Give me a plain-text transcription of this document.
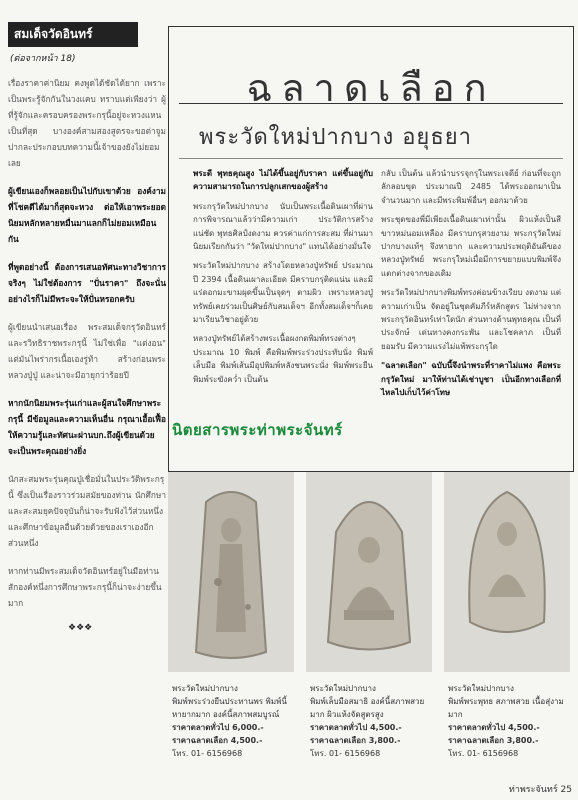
สมเด็จวัดอินทร์
(ต่อจากหน้า 18)

เรื่องราคาค่านิยม คงพูดได้ชัดได้ยาก เพราะเป็นพระรู้จักกันในวงแคบ ทราบแต่เพียงว่า ผู้ที่รู้จักและครอบครองพระกรุนี้อยู่จะหวงแหนเป็นที่สุด บางองค์สามสองสูตรจะขอต่าจูมปากละประกอบบทความนี้เจ้าของยังไม่ยอมเลย

ผู้เขียนเองก็พลอยเป็นไปกับเขาด้วย องค์งามที่โชคดีได้มาก็สุดจะหวง ต่อให้เอาพระยอดนิยมหลักหลายหมื่นมาแลกก็ไม่ยอมเหมือนกัน

ที่พูดอย่างนี้ ต้องการเสนอทัศนะทางวิชาการจริงๆ ไม่ใช่ต้องการ "ปั่นราคา" ถึงจะนั่นอย่างไรก็ไม่มีพระจะให้ปั่นหรอกครับ

ผู้เขียนนำเสนอเรื่อง พระสมเด็จกรุวัดอินทร์ และรวิทธิราชพระกรุนี้ ไม่ใช่เพื่อ "แต่งอน" แต่มันไพร่ากรเนื้อเองรู่ท้า สร้างก่อนพระหลวงปู่ปู่ และน่าจะมีอายุกว่าร้อยปี

หากนักนิยมพระรุ่นเก่าและผู้สนใจศึกษาพระกรุนี้ มีข้อมูลและความเห็นอื่น กรุณาเอื้อเฟื้อให้ความรู้และทัศนะผ่านบก.ถึงผู้เขียนด้วย จะเป็นพระคุณอย่างยิ่ง

นักสะสมพระรุ่นคุณปู่เชื่อมั่นในประวัติพระกรุนี้ ซึ่งเป็นเรื่องราวร่วมสมัยของท่าน นักศึกษาและสะสมยุคปัจจุบันก็น่าจะรับฟังไว้ส่วนหนึ่ง และศึกษาข้อมูลอื่นด้วยด้วยของเราเองอีกส่วนหนึ่ง

หากท่านมีพระสมเด็จวัดอินทร์อยู่ในมือท่านสักองค์หนึ่งการศึกษาพระกรุนี้ก็น่าจะง่ายขึ้นมาก

❖❖❖
ฉลาดเลือก
พระวัดใหม่ปากบาง อยุธยา

พระดี พุทธคุณสูง ไม่ได้ขึ้นอยู่กับราคา แต่ขึ้นอยู่กับความสามารถในการปลูกเสกของผู้สร้าง

พระกรุวัดใหม่ปากบาง นับเป็นพระเนื้อดินเผาที่ผ่านการพิจารณาแล้วว่ามีความเก่า ประวัติการสร้างแน่ชัด พุทธศิลป์งดงาม ควรค่าแก่การสะสม ที่ผ่านมานิยมเรียกกันว่า "วัดใหม่ปากบาง" แทนได้อย่างมั่นใจ

พระวัดใหม่ปากบาง สร้างโดยหลวงปู่ทรัพย์ ประมาณปี 2394 เนื้อดินเผาละเอียด มีคราบกรุติดแน่น และมีแร่ดอกมะขามผุดขึ้นเป็นจุดๆ ตามผิว เพราะหลวงปู่ทรัพย์เคยร่วมเป็นศิษย์กับสมเด็จฯ อีกทั้งสมเด็จฯก็เคยมาเรียนวิชาอยู่ด้วย

หลวงปู่ทรัพย์ได้สร้างพระเนื้อผงกดพิมพ์ทรงต่างๆ ประมาณ 10 พิมพ์ คือพิมพ์พระร่วงประทับนั่ง พิมพ์เล็บมือ พิมพ์เส้นมีอุปพิมพ์หลังชนพระนั่ง พิมพ์พระยืน พิมพ์ระฆังคว่ำ เป็นต้น

กลับ เป็นต้น แล้วนำบรรจุกรุในพระเจดีย์ ก่อนที่จะถูกลักลอบขุด ประมาณปี 2485 ได้พระออกมาเป็นจำนวนมาก และมีพระพิมพ์อื่นๆ ออกมาด้วย

พระชุดของพี่มีเพียงเนื้อดินเผาเท่านั้น ผิวแห้งเป็นสีขาวหม่นอมเหลือง มีคราบกรุสวยงาม พระกรุวัดใหม่ปากบางแท้ๆ จึงหายาก และความประพฤติอันดีของหลวงปู่ทรัพย์ พระกรุใหม่เมื่อมีการขยายแบบพิมพ์จึงแตกต่างจากของเดิม

พระวัดใหม่ปากบางพิมพ์ทรงค่อนข้างเรียบ งดงาม แต่ความเก่าเป็น จัดอยู่ในชุดคัมภีร์หลักสูตร ไม่ห่างจากพระกรุวัดอินทร์เท่าใดนัก ส่วนทางด้านพุทธคุณ เป็นที่ประจักษ์ เด่นทางคงกระพัน และโชคลาภ เป็นที่ยอมรับ มีความแรงไม่แพ้พระกรุใด

"ฉลาดเลือก" ฉบับนี้จึงนำพระที่ราคาไม่แพง คือพระกรุวัดใหม่ มาให้ท่านได้เช่าบูชา เป็นอีกทางเลือกที่ไหลไปเก็บไว้ค่าโทษ

นิตยสารพระท่าพระจันทร์
พระวัดใหม่ปากบาง
พิมพ์พระร่วงยืนประทานพร พิมพ์นี้หายากมาก องค์นี้สภาพสมบูรณ์
ราคาตลาดทั่วไป 6,000.-
ราคาฉลาดเลือก 4,500.-
โทร. 01- 6156968
พระวัดใหม่ปากบาง
พิมพ์เล็บมือสมาธิ องค์นี้สภาพสวยมาก ผิวแห้งจัดสูตรสูง
ราคาตลาดทั่วไป 4,500.-
ราคาฉลาดเลือก 3,800.-
โทร. 01- 6156968
พระวัดใหม่ปากบาง
พิมพ์พระพุทธ สภาพสวย เนื้อสุ่งามมาก
ราคาตลาดทั่วไป 4,500.-
ราคาฉลาดเลือก 3,800.-
โทร. 01- 6156968
ท่าพระจันทร์ 25
